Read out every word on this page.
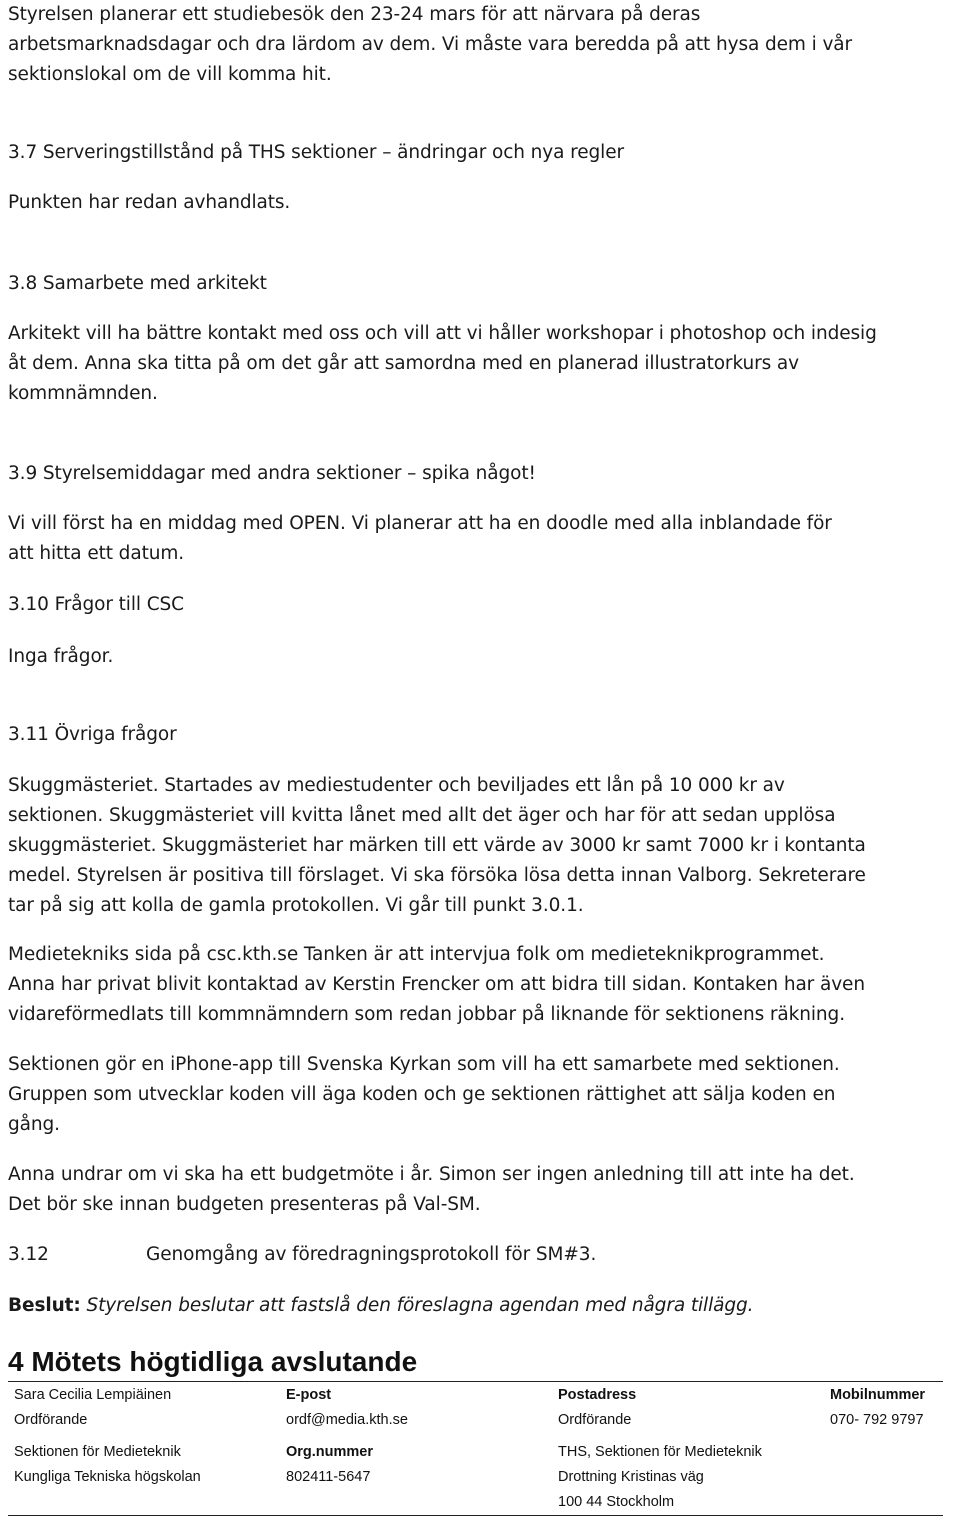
Styrelsen planerar ett studiebesök den 23-24 mars för att närvara på deras

arbetsmarknadsdagar och dra lärdom av dem. Vi måste vara beredda på att hysa dem i vår

sektionslokal om de vill komma hit.

3.7 Serveringstillstånd på THS sektioner – ändringar och nya regler

Punkten har redan avhandlats.

3.8 Samarbete med arkitekt

Arkitekt vill ha bättre kontakt med oss och vill att vi håller workshopar i photoshop och indesig

åt dem. Anna ska titta på om det går att samordna med en planerad illustratorkurs av

kommnämnden.

3.9 Styrelsemiddagar med andra sektioner – spika något!

Vi vill först ha en middag med OPEN. Vi planerar att ha en doodle med alla inblandade för

att hitta ett datum.

3.10 Frågor till CSC

Inga frågor.

3.11 Övriga frågor

Skuggmästeriet. Startades av mediestudenter och beviljades ett lån på 10 000 kr av

sektionen. Skuggmästeriet vill kvitta lånet med allt det äger och har för att sedan upplösa

skuggmästeriet. Skuggmästeriet har märken till ett värde av 3000 kr samt 7000 kr i kontanta

medel. Styrelsen är positiva till förslaget. Vi ska försöka lösa detta innan Valborg. Sekreterare

tar på sig att kolla de gamla protokollen. Vi går till punkt 3.0.1.

Medietekniks sida på csc.kth.se Tanken är att intervjua folk om medieteknikprogrammet.

Anna har privat blivit kontaktad av Kerstin Frencker om att bidra till sidan. Kontaken har även

vidareförmedlats till kommnämndern som redan jobbar på liknande för sektionens räkning.

Sektionen gör en iPhone-app till Svenska Kyrkan som vill ha ett samarbete med sektionen.

Gruppen som utvecklar koden vill äga koden och ge sektionen rättighet att sälja koden en

gång.

Anna undrar om vi ska ha ett budgetmöte i år. Simon ser ingen anledning till att inte ha det.

Det bör ske innan budgeten presenteras på Val-SM.

3.12	Genomgång av föredragningsprotokoll för SM#3.

Beslut: Styrelsen beslutar att fastslå den föreslagna agendan med några tillägg.

4 Mötets högtidliga avslutande
Sara Cecilia Lempiäinen
Ordförande
Sektionen för Medieteknik
Kungliga Tekniska högskolan
E-post
ordf@media.kth.se
Org.nummer
802411-5647
Postadress
Ordförande
THS, Sektionen för Medieteknik
Drottning Kristinas väg
100 44 Stockholm
Mobilnummer
070- 792 9797
